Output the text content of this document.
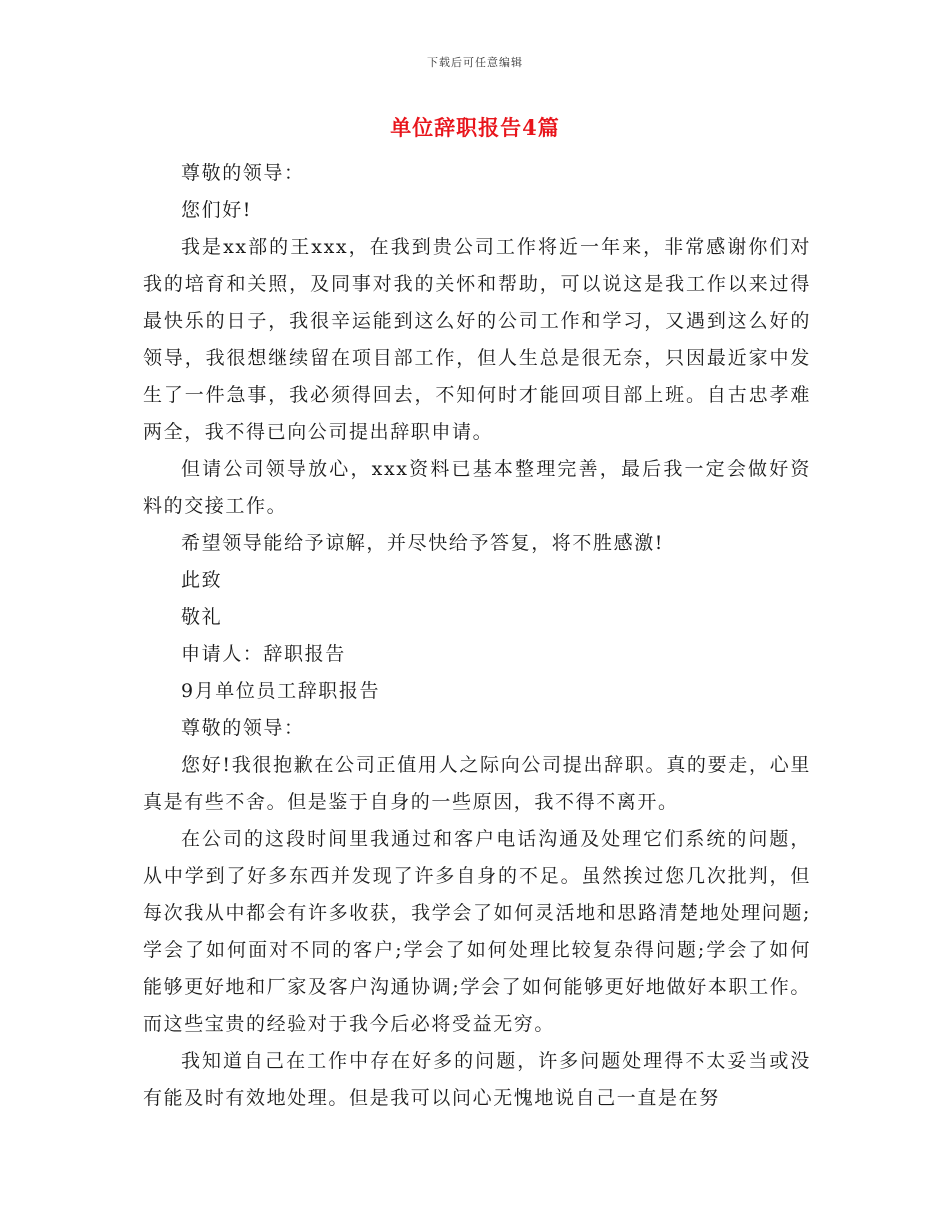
下载后可任意编辑
单位辞职报告4篇

尊敬的领导：

您们好!

我是xx部的王xxx，在我到贵公司工作将近一年来，非常感谢你们对我的培育和关照，及同事对我的关怀和帮助，可以说这是我工作以来过得最快乐的日子，我很辛运能到这么好的公司工作和学习，又遇到这么好的领导，我很想继续留在项目部工作，但人生总是很无奈，只因最近家中发生了一件急事，我必须得回去，不知何时才能回项目部上班。自古忠孝难两全，我不得已向公司提出辞职申请。

但请公司领导放心，xxx资料已基本整理完善，最后我一定会做好资料的交接工作。

希望领导能给予谅解，并尽快给予答复，将不胜感激!

此致

敬礼

申请人：辞职报告

9月单位员工辞职报告

尊敬的领导：

您好!我很抱歉在公司正值用人之际向公司提出辞职。真的要走，心里真是有些不舍。但是鉴于自身的一些原因，我不得不离开。

在公司的这段时间里我通过和客户电话沟通及处理它们系统的问题，从中学到了好多东西并发现了许多自身的不足。虽然挨过您几次批判，但每次我从中都会有许多收获，我学会了如何灵活地和思路清楚地处理问题;学会了如何面对不同的客户;学会了如何处理比较复杂得问题;学会了如何能够更好地和厂家及客户沟通协调;学会了如何能够更好地做好本职工作。而这些宝贵的经验对于我今后必将受益无穷。

我知道自己在工作中存在好多的问题，许多问题处理得不太妥当或没有能及时有效地处理。但是我可以问心无愧地说自己一直是在努
